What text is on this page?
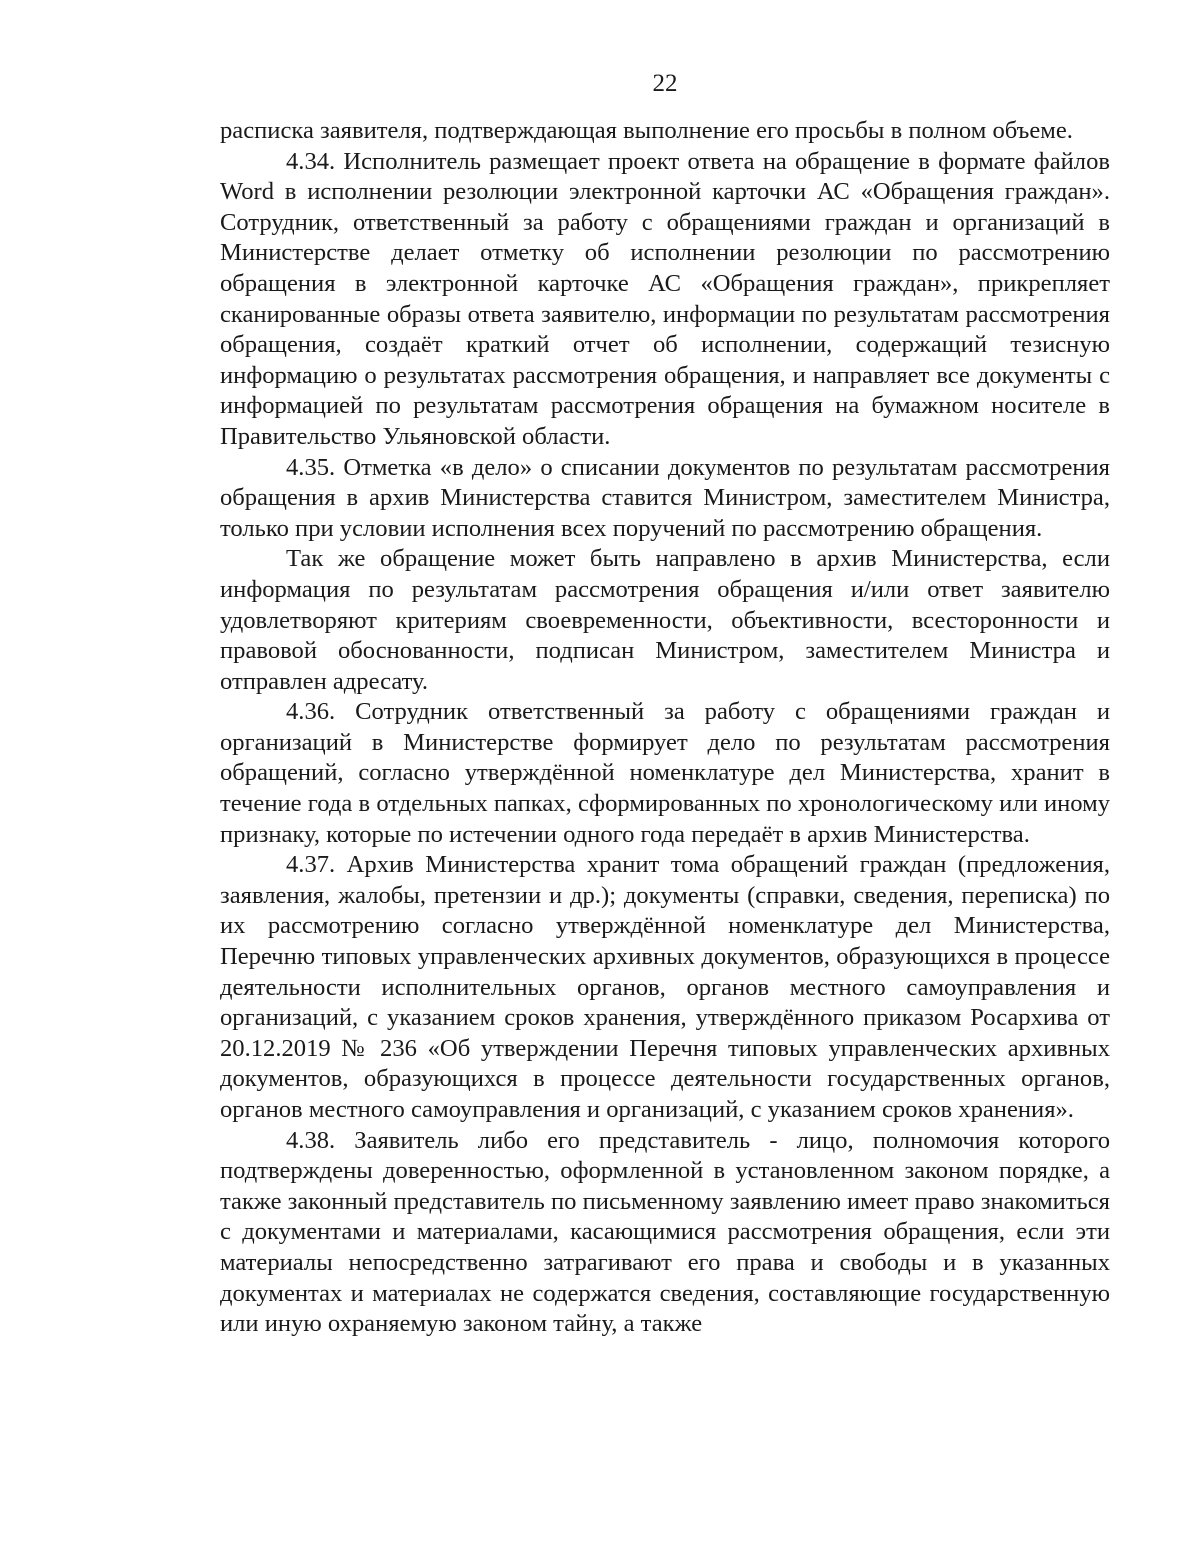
22

расписка заявителя, подтверждающая выполнение его просьбы в полном объеме.

4.34. Исполнитель размещает проект ответа на обращение в формате файлов Word в исполнении резолюции электронной карточки АС «Обращения граждан». Сотрудник, ответственный за работу с обращениями граждан и организаций в Министерстве делает отметку об исполнении резолюции по рассмотрению обращения в электронной карточке АС «Обращения граждан», прикрепляет сканированные образы ответа заявителю, информации по результатам рассмотрения обращения, создаёт краткий отчет об исполнении, содержащий тезисную информацию о результатах рассмотрения обращения, и направляет все документы с информацией по результатам рассмотрения обращения на бумажном носителе в Правительство Ульяновской области.

4.35. Отметка «в дело» о списании документов по результатам рассмотрения обращения в архив Министерства ставится Министром, заместителем Министра, только при условии исполнения всех поручений по рассмотрению обращения.

Так же обращение может быть направлено в архив Министерства, если информация по результатам рассмотрения обращения и/или ответ заявителю удовлетворяют критериям своевременности, объективности, всесторонности и правовой обоснованности, подписан Министром, заместителем Министра и отправлен адресату.

4.36. Сотрудник ответственный за работу с обращениями граждан и организаций в Министерстве формирует дело по результатам рассмотрения обращений, согласно утверждённой номенклатуре дел Министерства, хранит в течение года в отдельных папках, сформированных по хронологическому или иному признаку, которые по истечении одного года передаёт в архив Министерства.

4.37. Архив Министерства хранит тома обращений граждан (предложения, заявления, жалобы, претензии и др.); документы (справки, сведения, переписка) по их рассмотрению согласно утверждённой номенклатуре дел Министерства, Перечню типовых управленческих архивных документов, образующихся в процессе деятельности исполнительных органов, органов местного самоуправления и организаций, с указанием сроков хранения, утверждённого приказом Росархива от 20.12.2019 № 236 «Об утверждении Перечня типовых управленческих архивных документов, образующихся в процессе деятельности государственных органов, органов местного самоуправления и организаций, с указанием сроков хранения».

4.38. Заявитель либо его представитель - лицо, полномочия которого подтверждены доверенностью, оформленной в установленном законом порядке, а также законный представитель по письменному заявлению имеет право знакомиться с документами и материалами, касающимися рассмотрения обращения, если эти материалы непосредственно затрагивают его права и свободы и в указанных документах и материалах не содержатся сведения, составляющие государственную или иную охраняемую законом тайну, а также
